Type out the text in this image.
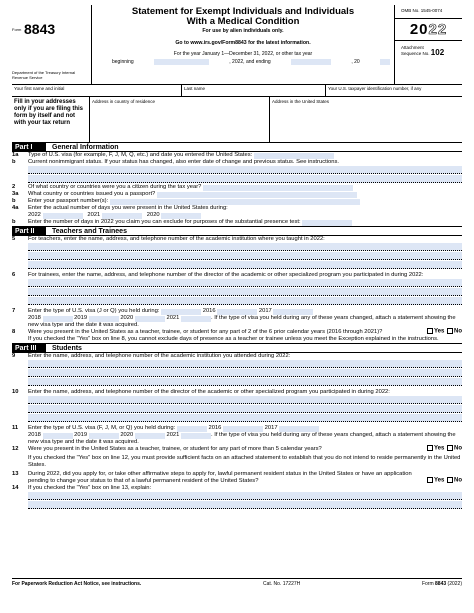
Form 8843
Department of the Treasury Internal Revenue Service
Statement for Exempt Individuals and Individuals
With a Medical Condition
For use by alien individuals only.
Go to www.irs.gov/Form8843 for the latest information.
For the year January 1—December 31, 2022, or other tax year
beginning	, 2022, and ending	, 20
OMB No. 1545-0074
2022
Attachment
Sequence No. 102
Your first name and initial	Last name	Your U.S. taxpayer identification number, if any
Fill in your addresses only if you are filing this form by itself and not with your tax return
Address in country of residence	Address in the United States
Part I	General Information
1a	Type of U.S. visa (for example, F, J, M, Q, etc.) and date you entered the United States:
b	Current nonimmigrant status. If your status has changed, also enter date of change and previous status. See instructions.
2	Of what country or countries were you a citizen during the tax year?
3a	What country or countries issued you a passport?
b	Enter your passport number(s):
4a	Enter the actual number of days you were present in the United States during:
2022	2021	2020
b	Enter the number of days in 2022 you claim you can exclude for purposes of the substantial presence test:
Part II	Teachers and Trainees
5	For teachers, enter the name, address, and telephone number of the academic institution where you taught in 2022:
6	For trainees, enter the name, address, and telephone number of the director of the academic or other specialized program you participated in during 2022:
7	Enter the type of U.S. visa (J or Q) you held during:	2016	2017
2018	2019	2020	2021	. If the type of visa you held during any of these years changed, attach a statement showing the new visa type and the date it was acquired.
8	Were you present in the United States as a teacher, trainee, or student for any part of 2 of the 6 prior calendar years (2016 through 2021)?	Yes No
If you checked the "Yes" box on line 8, you cannot exclude days of presence as a teacher or trainee unless you meet the Exception explained in the instructions.
Part III	Students
9	Enter the name, address, and telephone number of the academic institution you attended during 2022:
10	Enter the name, address, and telephone number of the director of the academic or other specialized program you participated in during 2022:
11	Enter the type of U.S. visa (F, J, M, or Q) you held during:	2016	2017
2018	2019	2020	2021	. If the type of visa you held during any of these years changed, attach a statement showing the new visa type and the date it was acquired.
12	Were you present in the United States as a teacher, trainee, or student for any part of more than 5 calendar years?	Yes No
If you checked the "Yes" box on line 12, you must provide sufficient facts on an attached statement to establish that you do not intend to reside permanently in the United States.
13	During 2022, did you apply for, or take other affirmative steps to apply for, lawful permanent resident status in the United States or have an application pending to change your status to that of a lawful permanent resident of the United States?	Yes No
14	If you checked the "Yes" box on line 13, explain:
For Paperwork Reduction Act Notice, see instructions.	Cat. No. 17227H	Form 8843 (2022)
